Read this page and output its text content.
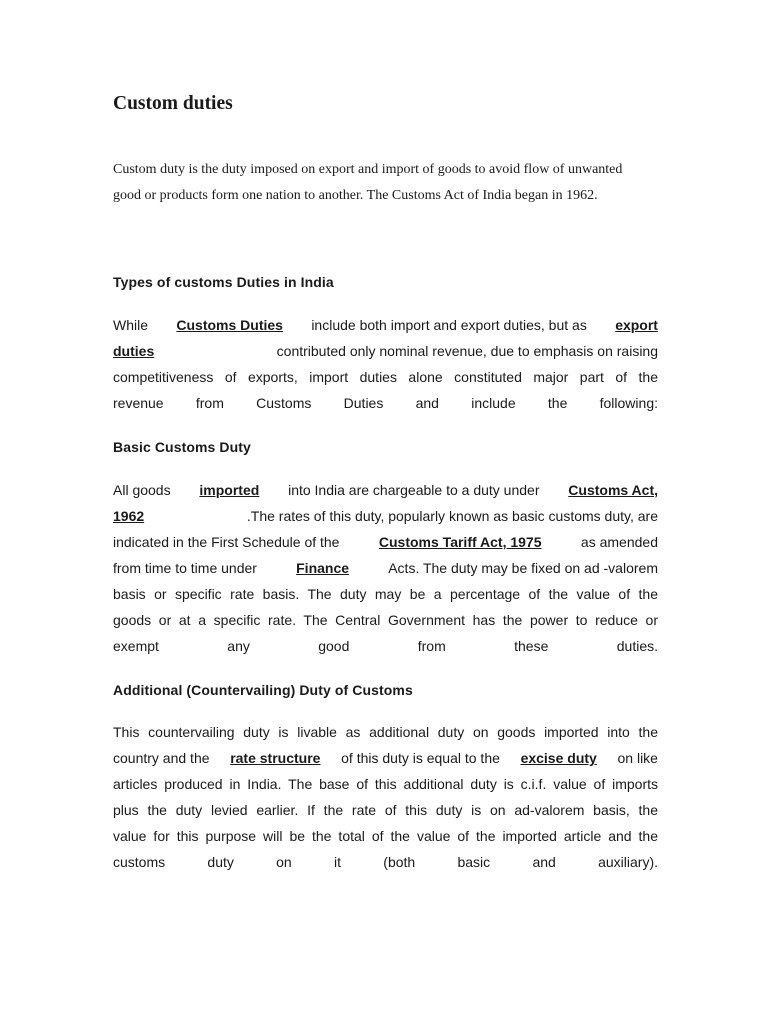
Custom duties

Custom duty is the duty imposed on export and import of goods to avoid flow of unwanted
good or products form one nation to another. The Customs Act of India began in 1962.

Types of customs Duties in India
While Customs Duties include both import and export duties, but as export
duties	contributed only nominal revenue, due to emphasis on raising
competitiveness of exports, import duties alone constituted major part of the
revenue from Customs Duties and include the following:
Basic Customs Duty
All goods imported into India are chargeable to a duty under Customs Act,
1962	.The rates of this duty, popularly known as basic customs duty, are
indicated in the First Schedule of the	Customs Tariff Act, 1975	as amended
from time to time under	Finance	Acts. The duty may be fixed on ad -valorem
basis or specific rate basis. The duty may be a percentage of the value of the
goods or at a specific rate. The Central Government has the power to reduce or
exempt any good from these duties.
Additional (Countervailing) Duty of Customs
This countervailing duty is livable as additional duty on goods imported into the
country and the rate structure of this duty is equal to the excise duty on like
articles produced in India. The base of this additional duty is c.i.f. value of imports
plus the duty levied earlier. If the rate of this duty is on ad-valorem basis, the
value for this purpose will be the total of the value of the imported article and the
customs duty on it (both basic and auxiliary).
